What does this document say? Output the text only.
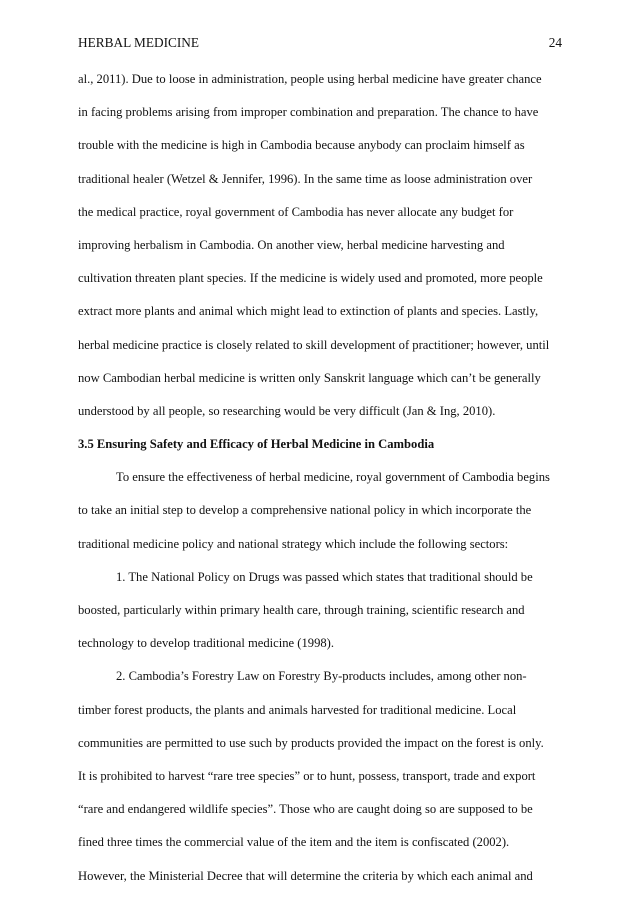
HERBAL MEDICINE	24
al., 2011). Due to loose in administration, people using herbal medicine have greater chance
in facing problems arising from improper combination and preparation. The chance to have
trouble with the medicine is high in Cambodia because anybody can proclaim himself as
traditional healer (Wetzel & Jennifer, 1996). In the same time as loose administration over
the medical practice, royal government of Cambodia has never allocate any budget for
improving herbalism in Cambodia. On another view, herbal medicine harvesting and
cultivation threaten plant species. If the medicine is widely used and promoted, more people
extract more plants and animal which might lead to extinction of plants and species. Lastly,
herbal medicine practice is closely related to skill development of practitioner; however, until
now Cambodian herbal medicine is written only Sanskrit language which can’t be generally
understood by all people, so researching would be very difficult (Jan & Ing, 2010).
3.5 Ensuring Safety and Efficacy of Herbal Medicine in Cambodia
To ensure the effectiveness of herbal medicine, royal government of Cambodia begins
to take an initial step to develop a comprehensive national policy in which incorporate the
traditional medicine policy and national strategy which include the following sectors:
1. The National Policy on Drugs was passed which states that traditional should be
boosted, particularly within primary health care, through training, scientific research and
technology to develop traditional medicine (1998).
2. Cambodia’s Forestry Law on Forestry By-products includes, among other non-
timber forest products, the plants and animals harvested for traditional medicine. Local
communities are permitted to use such by products provided the impact on the forest is only.
It is prohibited to harvest “rare tree species” or to hunt, possess, transport, trade and export
“rare and endangered wildlife species”. Those who are caught doing so are supposed to be
fined three times the commercial value of the item and the item is confiscated (2002).
However, the Ministerial Decree that will determine the criteria by which each animal and
